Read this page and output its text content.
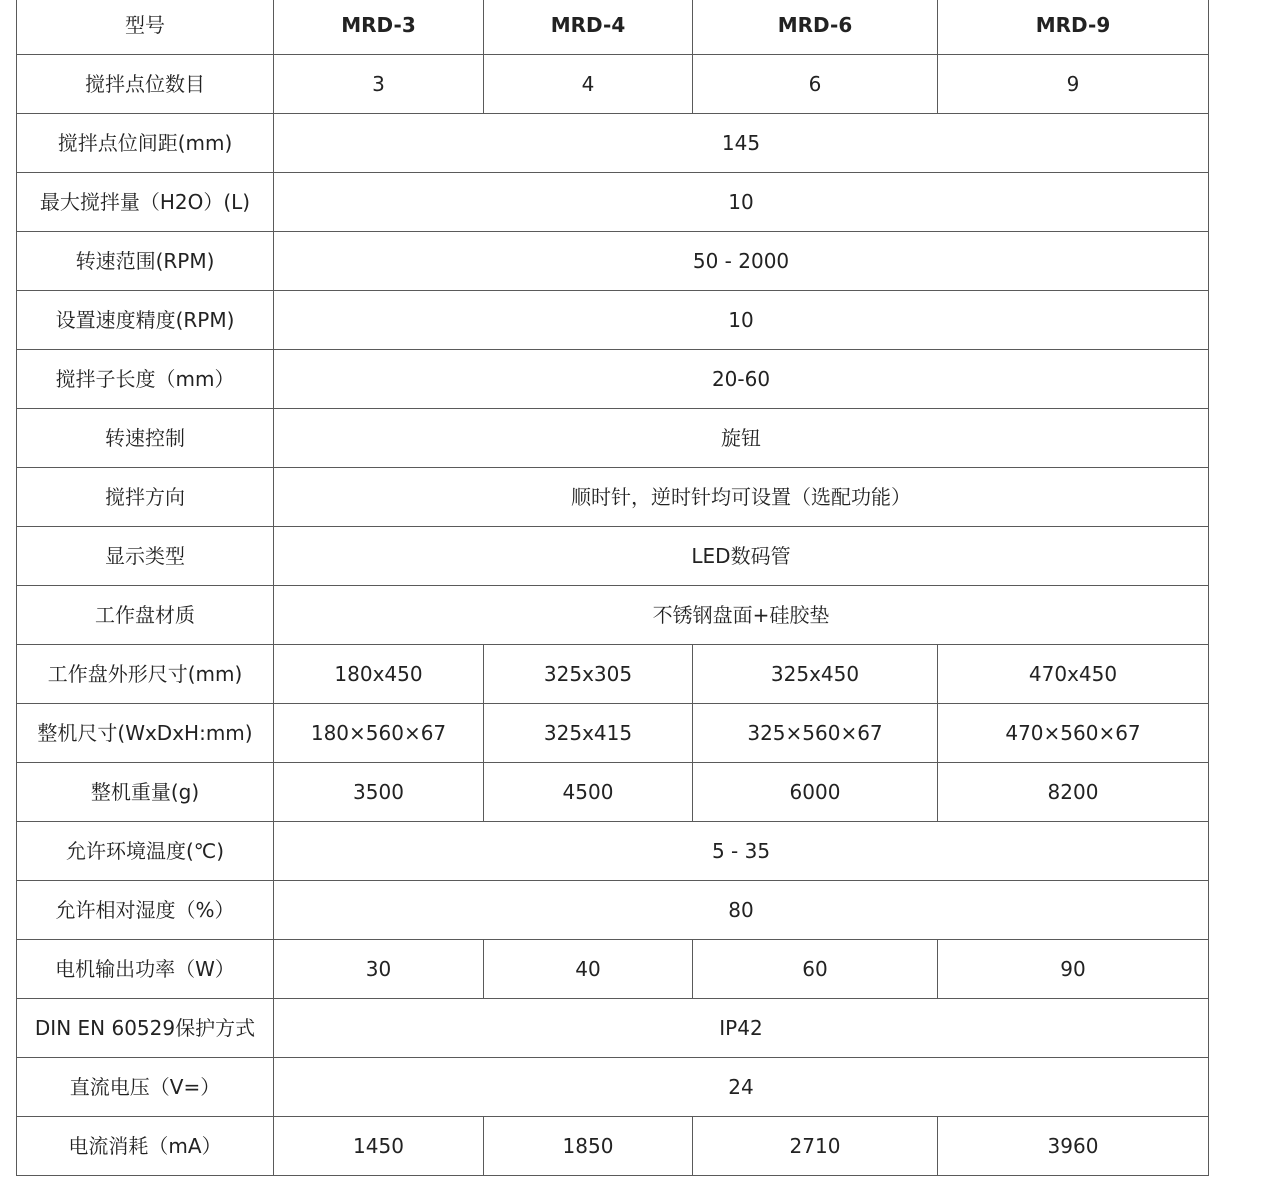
型号	MRD-3	MRD-4	MRD-6	MRD-9
搅拌点位数目	3	4	6	9
搅拌点位间距(mm)	145			
最大搅拌量（H2O）(L)	10			
转速范围(RPM)	50 - 2000			
设置速度精度(RPM)	10			
搅拌子长度（mm）	20-60			
转速控制	旋钮			
搅拌方向	顺时针，逆时针均可设置（选配功能）			
显示类型	LED数码管			
工作盘材质	不锈钢盘面+硅胶垫			
工作盘外形尺寸(mm)	180x450	325x305	325x450	470x450
整机尺寸(WxDxH:mm)	180×560×67	325x415	325×560×67	470×560×67
整机重量(g)	3500	4500	6000	8200
允许环境温度(℃)	5 - 35			
允许相对湿度（%）	80			
电机输出功率（W）	30	40	60	90
DIN EN 60529保护方式	IP42			
直流电压（V=）	24			
电流消耗（mA）	1450	1850	2710	3960
